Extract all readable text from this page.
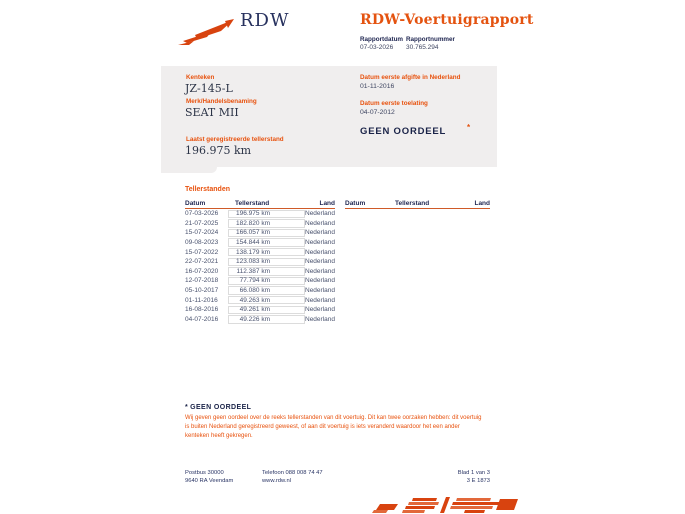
RDW	RDW-Voertuigrapport
Rapportdatum
07-03-2026
Rapportnummer
30.765.294
Kenteken
JZ-145-L
Merk/Handelsbenaming
SEAT MII
Laatst geregistreerde tellerstand
196.975 km
Datum eerste afgifte in Nederland
01-11-2016
Datum eerste toelating
04-07-2012
GEEN OORDEEL	*
Tellerstanden
Datum	Tellerstand	Land
07-03-2026	196.975 km	Nederland
21-07-2025	182.820 km	Nederland
15-07-2024	166.057 km	Nederland
09-08-2023	154.844 km	Nederland
15-07-2022	138.179 km	Nederland
22-07-2021	123.083 km	Nederland
16-07-2020	112.387 km	Nederland
12-07-2018	77.794 km	Nederland
05-10-2017	66.080 km	Nederland
01-11-2016	49.263 km	Nederland
16-08-2016	49.261 km	Nederland
04-07-2016	49.226 km	Nederland
Datum	Tellerstand	Land
* GEEN OORDEEL
Wij geven geen oordeel over de reeks tellerstanden van dit voertuig. Dit kan twee oorzaken hebben: dit voertuig is buiten Nederland geregistreerd geweest, of aan dit voertuig is iets veranderd waardoor het een ander kenteken heeft gekregen.
Postbus 30000
9640 RA Veendam
Telefoon 088 008 74 47
www.rdw.nl
Blad 1 van 3
3 E 1873
